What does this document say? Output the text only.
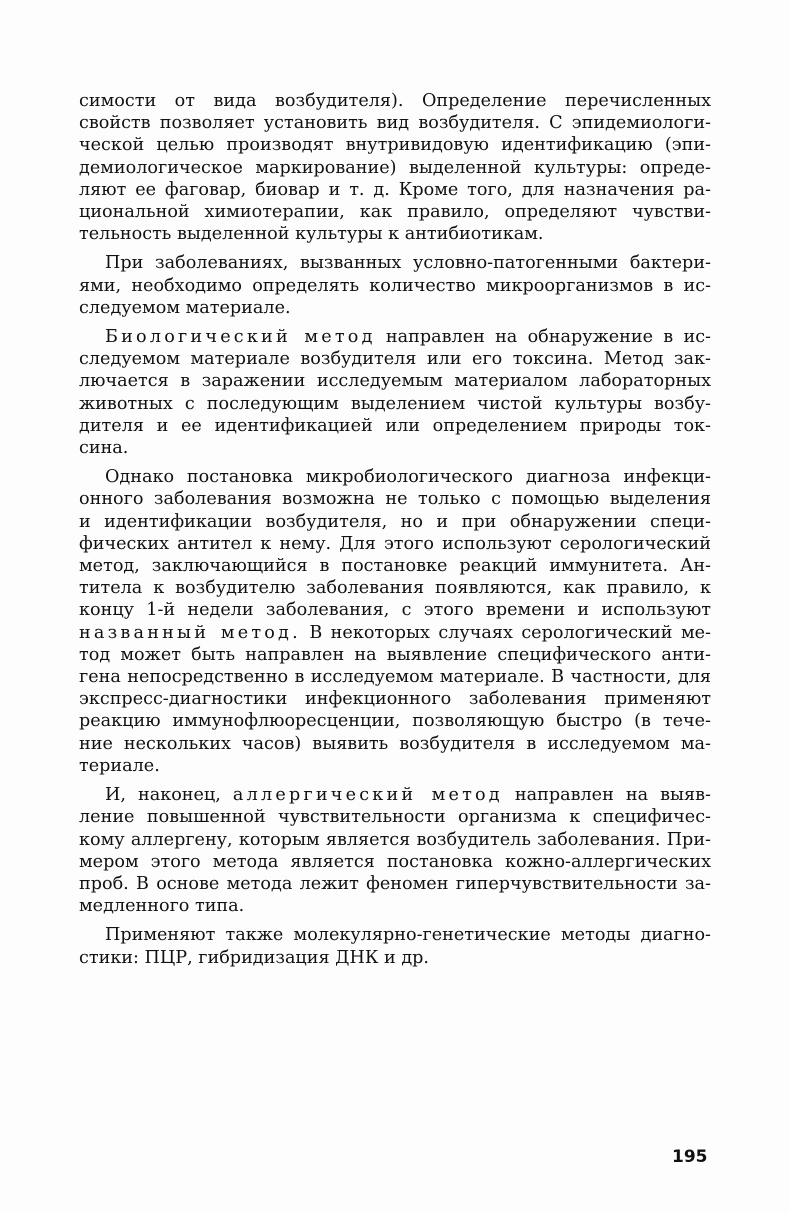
симости от вида возбудителя). Определение перечисленных
свойств позволяет установить вид возбудителя. С эпидемиологи-
ческой целью производят внутривидовую идентификацию (эпи-
демиологическое маркирование) выделенной культуры: опреде-
ляют ее фаговар, биовар и т. д. Кроме того, для назначения ра-
циональной химиотерапии, как правило, определяют чувстви-
тельность выделенной культуры к антибиотикам.
При заболеваниях, вызванных условно-патогенными бактери-
ями, необходимо определять количество микроорганизмов в ис-
следуемом материале.
Биологический метод направлен на обнаружение в ис-
следуемом материале возбудителя или его токсина. Метод зак-
лючается в заражении исследуемым материалом лабораторных
животных с последующим выделением чистой культуры возбу-
дителя и ее идентификацией или определением природы ток-
сина.
Однако постановка микробиологического диагноза инфекци-
онного заболевания возможна не только с помощью выделения
и идентификации возбудителя, но и при обнаружении специ-
фических антител к нему. Для этого используют серологический
метод, заключающийся в постановке реакций иммунитета. Ан-
титела к возбудителю заболевания появляются, как правило, к
концу 1-й недели заболевания, с этого времени и используют
названный метод. В некоторых случаях серологический ме-
тод может быть направлен на выявление специфического анти-
гена непосредственно в исследуемом материале. В частности, для
экспресс-диагностики инфекционного заболевания применяют
реакцию иммунофлюоресценции, позволяющую быстро (в тече-
ние нескольких часов) выявить возбудителя в исследуемом ма-
териале.
И, наконец, аллергический метод направлен на выяв-
ление повышенной чувствительности организма к специфичес-
кому аллергену, которым является возбудитель заболевания. При-
мером этого метода является постановка кожно-аллергических
проб. В основе метода лежит феномен гиперчувствительности за-
медленного типа.
Применяют также молекулярно-генетические методы диагно-
стики: ПЦР, гибридизация ДНК и др.
195
